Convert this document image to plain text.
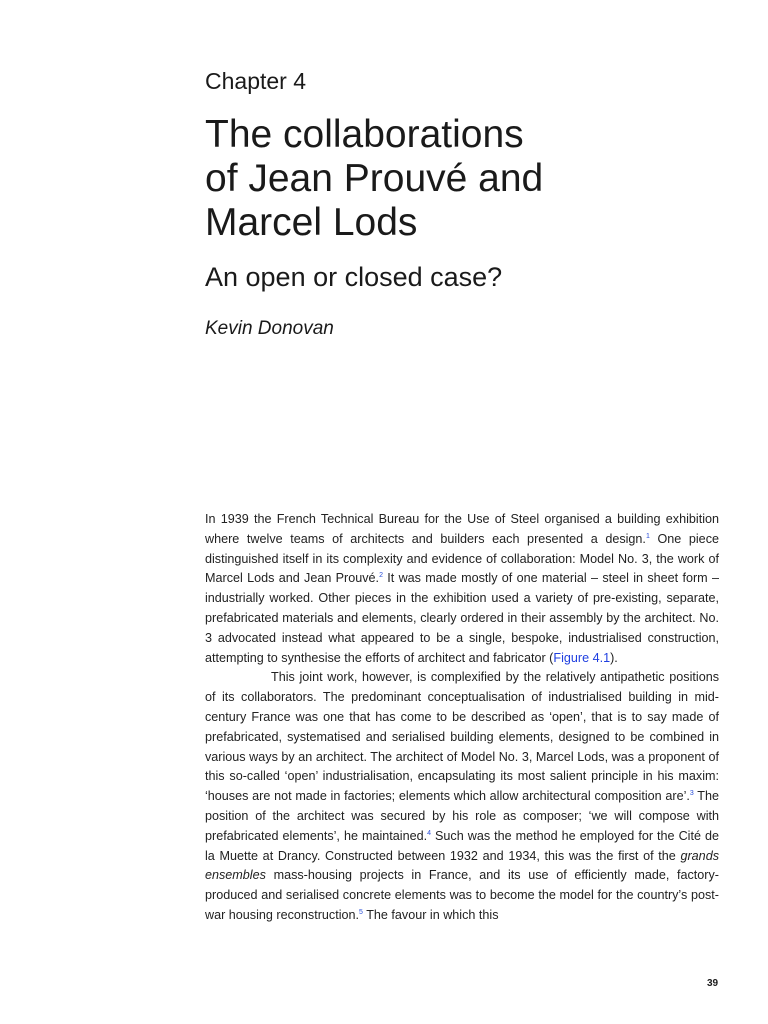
Chapter 4
The collaborations
of Jean Prouvé and
Marcel Lods
An open or closed case?
Kevin Donovan

In 1939 the French Technical Bureau for the Use of Steel organised a building exhibition where twelve teams of architects and builders each presented a design.$^1$ One piece distinguished itself in its complexity and evidence of collaboration: Model No. 3, the work of Marcel Lods and Jean Prouvé.$^2$ It was made mostly of one material – steel in sheet form – industrially worked. Other pieces in the exhibition used a variety of pre-existing, separate, prefabricated materials and elements, clearly ordered in their assembly by the architect. No. 3 advocated instead what appeared to be a single, bespoke, industrialised construction, attempting to synthesise the efforts of architect and fabricator (Figure 4.1).

This joint work, however, is complexified by the relatively antipathetic positions of its collaborators. The predominant conceptualisation of industrialised building in mid-century France was one that has come to be described as ‘open’, that is to say made of prefabricated, systematised and serialised building elements, designed to be combined in various ways by an architect. The architect of Model No. 3, Marcel Lods, was a proponent of this so-called ‘open’ industrialisation, encapsulating its most salient principle in his maxim: ‘houses are not made in factories; elements which allow architectural composition are’.$^3$ The position of the architect was secured by his role as composer; ‘we will compose with prefabricated elements’, he maintained.$^4$ Such was the method he employed for the Cité de la Muette at Drancy. Constructed between 1932 and 1934, this was the first of the grands ensembles mass-housing projects in France, and its use of efficiently made, factory-produced and serialised concrete elements was to become the model for the country’s post-war housing reconstruction.$^5$ The favour in which this

39
